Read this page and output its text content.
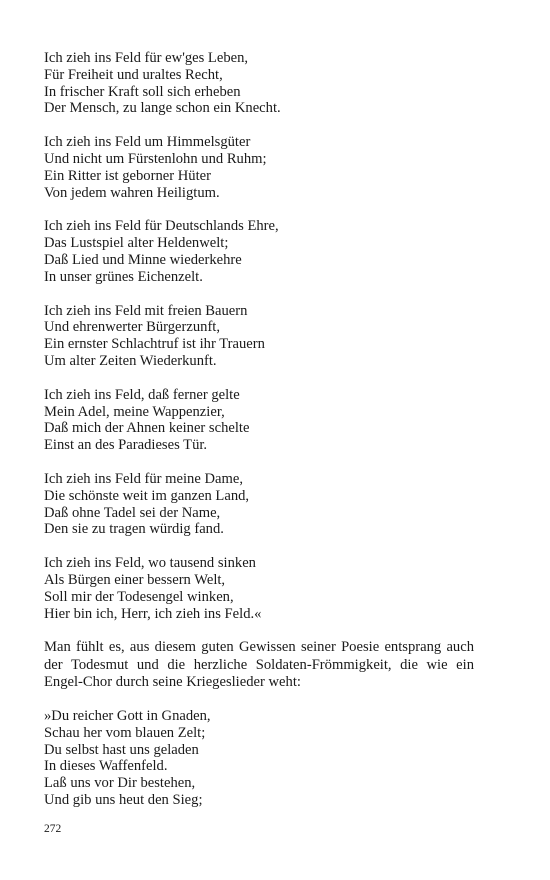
Ich zieh ins Feld für ew'ges Leben,
Für Freiheit und uraltes Recht,
In frischer Kraft soll sich erheben
Der Mensch, zu lange schon ein Knecht.
Ich zieh ins Feld um Himmelsgüter
Und nicht um Fürstenlohn und Ruhm;
Ein Ritter ist geborner Hüter
Von jedem wahren Heiligtum.
Ich zieh ins Feld für Deutschlands Ehre,
Das Lustspiel alter Heldenwelt;
Daß Lied und Minne wiederkehre
In unser grünes Eichenzelt.
Ich zieh ins Feld mit freien Bauern
Und ehrenwerter Bürgerzunft,
Ein ernster Schlachtruf ist ihr Trauern
Um alter Zeiten Wiederkunft.
Ich zieh ins Feld, daß ferner gelte
Mein Adel, meine Wappenzier,
Daß mich der Ahnen keiner schelte
Einst an des Paradieses Tür.
Ich zieh ins Feld für meine Dame,
Die schönste weit im ganzen Land,
Daß ohne Tadel sei der Name,
Den sie zu tragen würdig fand.
Ich zieh ins Feld, wo tausend sinken
Als Bürgen einer bessern Welt,
Soll mir der Todesengel winken,
Hier bin ich, Herr, ich zieh ins Feld.«

Man fühlt es, aus diesem guten Gewissen seiner Poesie entsprang auch der Todesmut und die herzliche Soldaten-Frömmigkeit, die wie ein Engel-Chor durch seine Kriegeslieder weht:

»Du reicher Gott in Gnaden,
Schau her vom blauen Zelt;
Du selbst hast uns geladen
In dieses Waffenfeld.
Laß uns vor Dir bestehen,
Und gib uns heut den Sieg;
272
